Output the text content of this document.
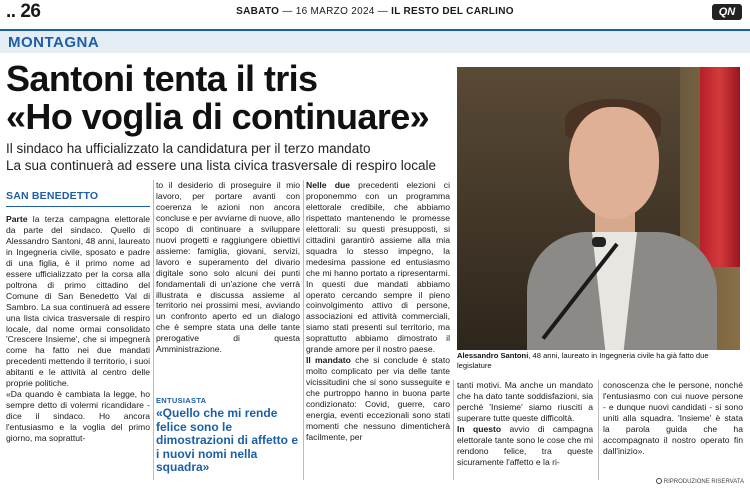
.. 26	SABATO — 16 MARZO 2024 — IL RESTO DEL CARLINO	QN
MONTAGNA
Santoni tenta il tris
«Ho voglia di continuare»
Il sindaco ha ufficializzato la candidatura per il terzo mandato
La sua continuerà ad essere una lista civica trasversale di respiro locale
Alessandro Santoni, 48 anni, laureato in Ingegneria civile ha già fatto due legislature
SAN BENEDETTO

Parte la terza campagna elettorale da parte del sindaco. Quello di Alessandro Santoni, 48 anni, laureato in Ingegneria civile, sposato e padre di una figlia, è il primo nome ad essere ufficializzato per la corsa alla poltrona di primo cittadino del Comune di San Benedetto Val di Sambro. La sua continuerà ad essere una lista civica trasversale di respiro locale, dal nome ormai consolidato 'Crescere Insieme', che si impegnerà come ha fatto nei due mandati precedenti mettendo il territorio, i suoi abitanti e le attività al centro delle proprie politiche.

«Da quando è cambiata la legge, ho sempre detto di volermi ricandidare - dice il sindaco. Ho ancora l'entusiasmo e la voglia del primo giorno, ma soprattut-

to il desiderio di proseguire il mio lavoro, per portare avanti con coerenza le azioni non ancora concluse e per avviarne di nuove, allo scopo di continuare a sviluppare nuovi progetti e raggiungere obiettivi assieme: famiglia, giovani, servizi, lavoro e superamento del divario digitale sono solo alcuni dei punti fondamentali di un'azione che verrà illustrata e discussa assieme al territorio nei prossimi mesi, avviando un confronto aperto ed un dialogo che è sempre stata una delle tante prerogative di questa Amministrazione.

ENTUSIASTA
«Quello che mi rende felice sono le dimostrazioni di affetto e i nuovi nomi nella squadra»

Nelle due precedenti elezioni ci proponemmo con un programma elettorale credibile, che abbiamo rispettato mantenendo le promesse elettorali: su questi presupposti, si cittadini garantirò assieme alla mia squadra lo stesso impegno, la medesima passione ed entusiasmo che mi hanno portato a ripresentarmi. In questi due mandati abbiamo operato cercando sempre il pieno coinvolgimento attivo di persone, associazioni ed attività commerciali, siamo stati presenti sul territorio, ma soprattutto abbiamo dimostrato il grande amore per il nostro paese.

Il mandato che si conclude è stato molto complicato per via delle tante vicissitudini che si sono susseguite e che purtroppo hanno in buona parte condizionato: Covid, guerre, caro energia, eventi eccezionali sono stati momenti che nessuno dimenticherà facilmente, per

tanti motivi. Ma anche un mandato che ha dato tante soddisfazioni, sia perché 'Insieme' siamo riusciti a superare tutte queste difficoltà.

In questo avvio di campagna elettorale tante sono le cose che mi rendono felice, tra queste sicuramente l'affetto e la ri-

conoscenza che le persone, nonché l'entusiasmo con cui nuove persone - e dunque nuovi candidati - si sono uniti alla squadra. 'Insieme' è stata la parola guida che ha accompagnato il nostro operato fin dall'inizio».

RIPRODUZIONE RISERVATA
